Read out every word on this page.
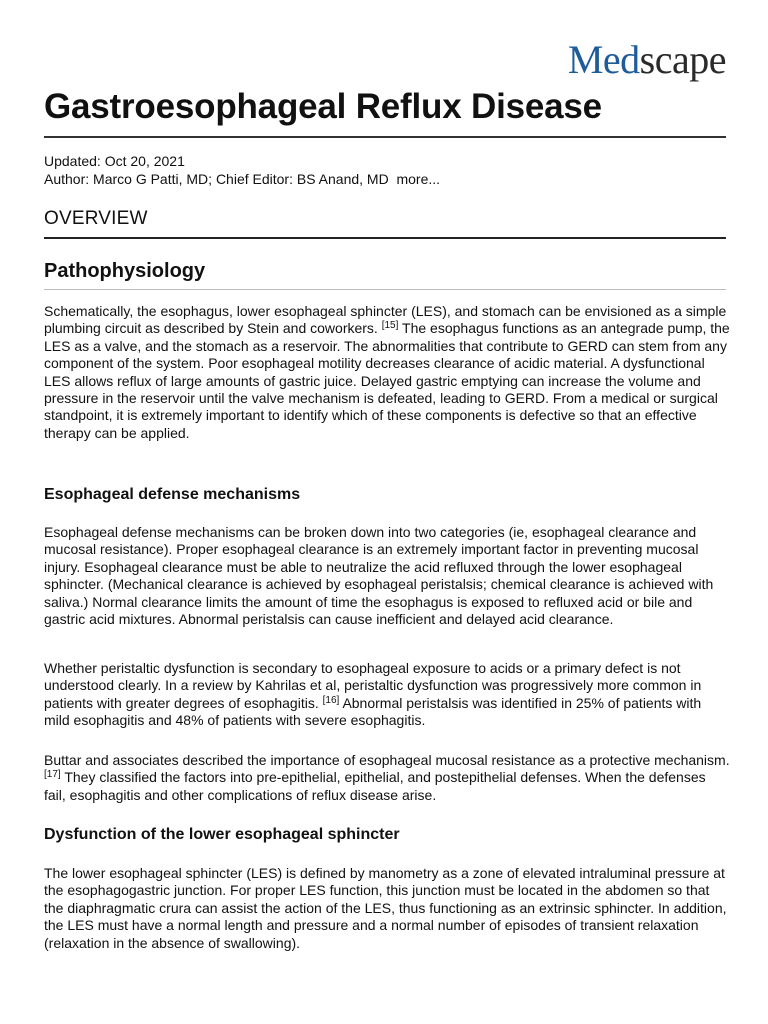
Medscape
Gastroesophageal Reflux Disease
Updated: Oct 20, 2021
Author: Marco G Patti, MD; Chief Editor: BS Anand, MD more...
OVERVIEW
Pathophysiology

Schematically, the esophagus, lower esophageal sphincter (LES), and stomach can be envisioned as a simple plumbing circuit as described by Stein and coworkers. [15] The esophagus functions as an antegrade pump, the LES as a valve, and the stomach as a reservoir. The abnormalities that contribute to GERD can stem from any component of the system. Poor esophageal motility decreases clearance of acidic material. A dysfunctional LES allows reflux of large amounts of gastric juice. Delayed gastric emptying can increase the volume and pressure in the reservoir until the valve mechanism is defeated, leading to GERD. From a medical or surgical standpoint, it is extremely important to identify which of these components is defective so that an effective therapy can be applied.

Esophageal defense mechanisms

Esophageal defense mechanisms can be broken down into two categories (ie, esophageal clearance and mucosal resistance). Proper esophageal clearance is an extremely important factor in preventing mucosal injury. Esophageal clearance must be able to neutralize the acid refluxed through the lower esophageal sphincter. (Mechanical clearance is achieved by esophageal peristalsis; chemical clearance is achieved with saliva.) Normal clearance limits the amount of time the esophagus is exposed to refluxed acid or bile and gastric acid mixtures. Abnormal peristalsis can cause inefficient and delayed acid clearance.

Whether peristaltic dysfunction is secondary to esophageal exposure to acids or a primary defect is not understood clearly. In a review by Kahrilas et al, peristaltic dysfunction was progressively more common in patients with greater degrees of esophagitis. [16] Abnormal peristalsis was identified in 25% of patients with mild esophagitis and 48% of patients with severe esophagitis.

Buttar and associates described the importance of esophageal mucosal resistance as a protective mechanism. [17] They classified the factors into pre-epithelial, epithelial, and postepithelial defenses. When the defenses fail, esophagitis and other complications of reflux disease arise.

Dysfunction of the lower esophageal sphincter

The lower esophageal sphincter (LES) is defined by manometry as a zone of elevated intraluminal pressure at the esophagogastric junction. For proper LES function, this junction must be located in the abdomen so that the diaphragmatic crura can assist the action of the LES, thus functioning as an extrinsic sphincter. In addition, the LES must have a normal length and pressure and a normal number of episodes of transient relaxation (relaxation in the absence of swallowing).
